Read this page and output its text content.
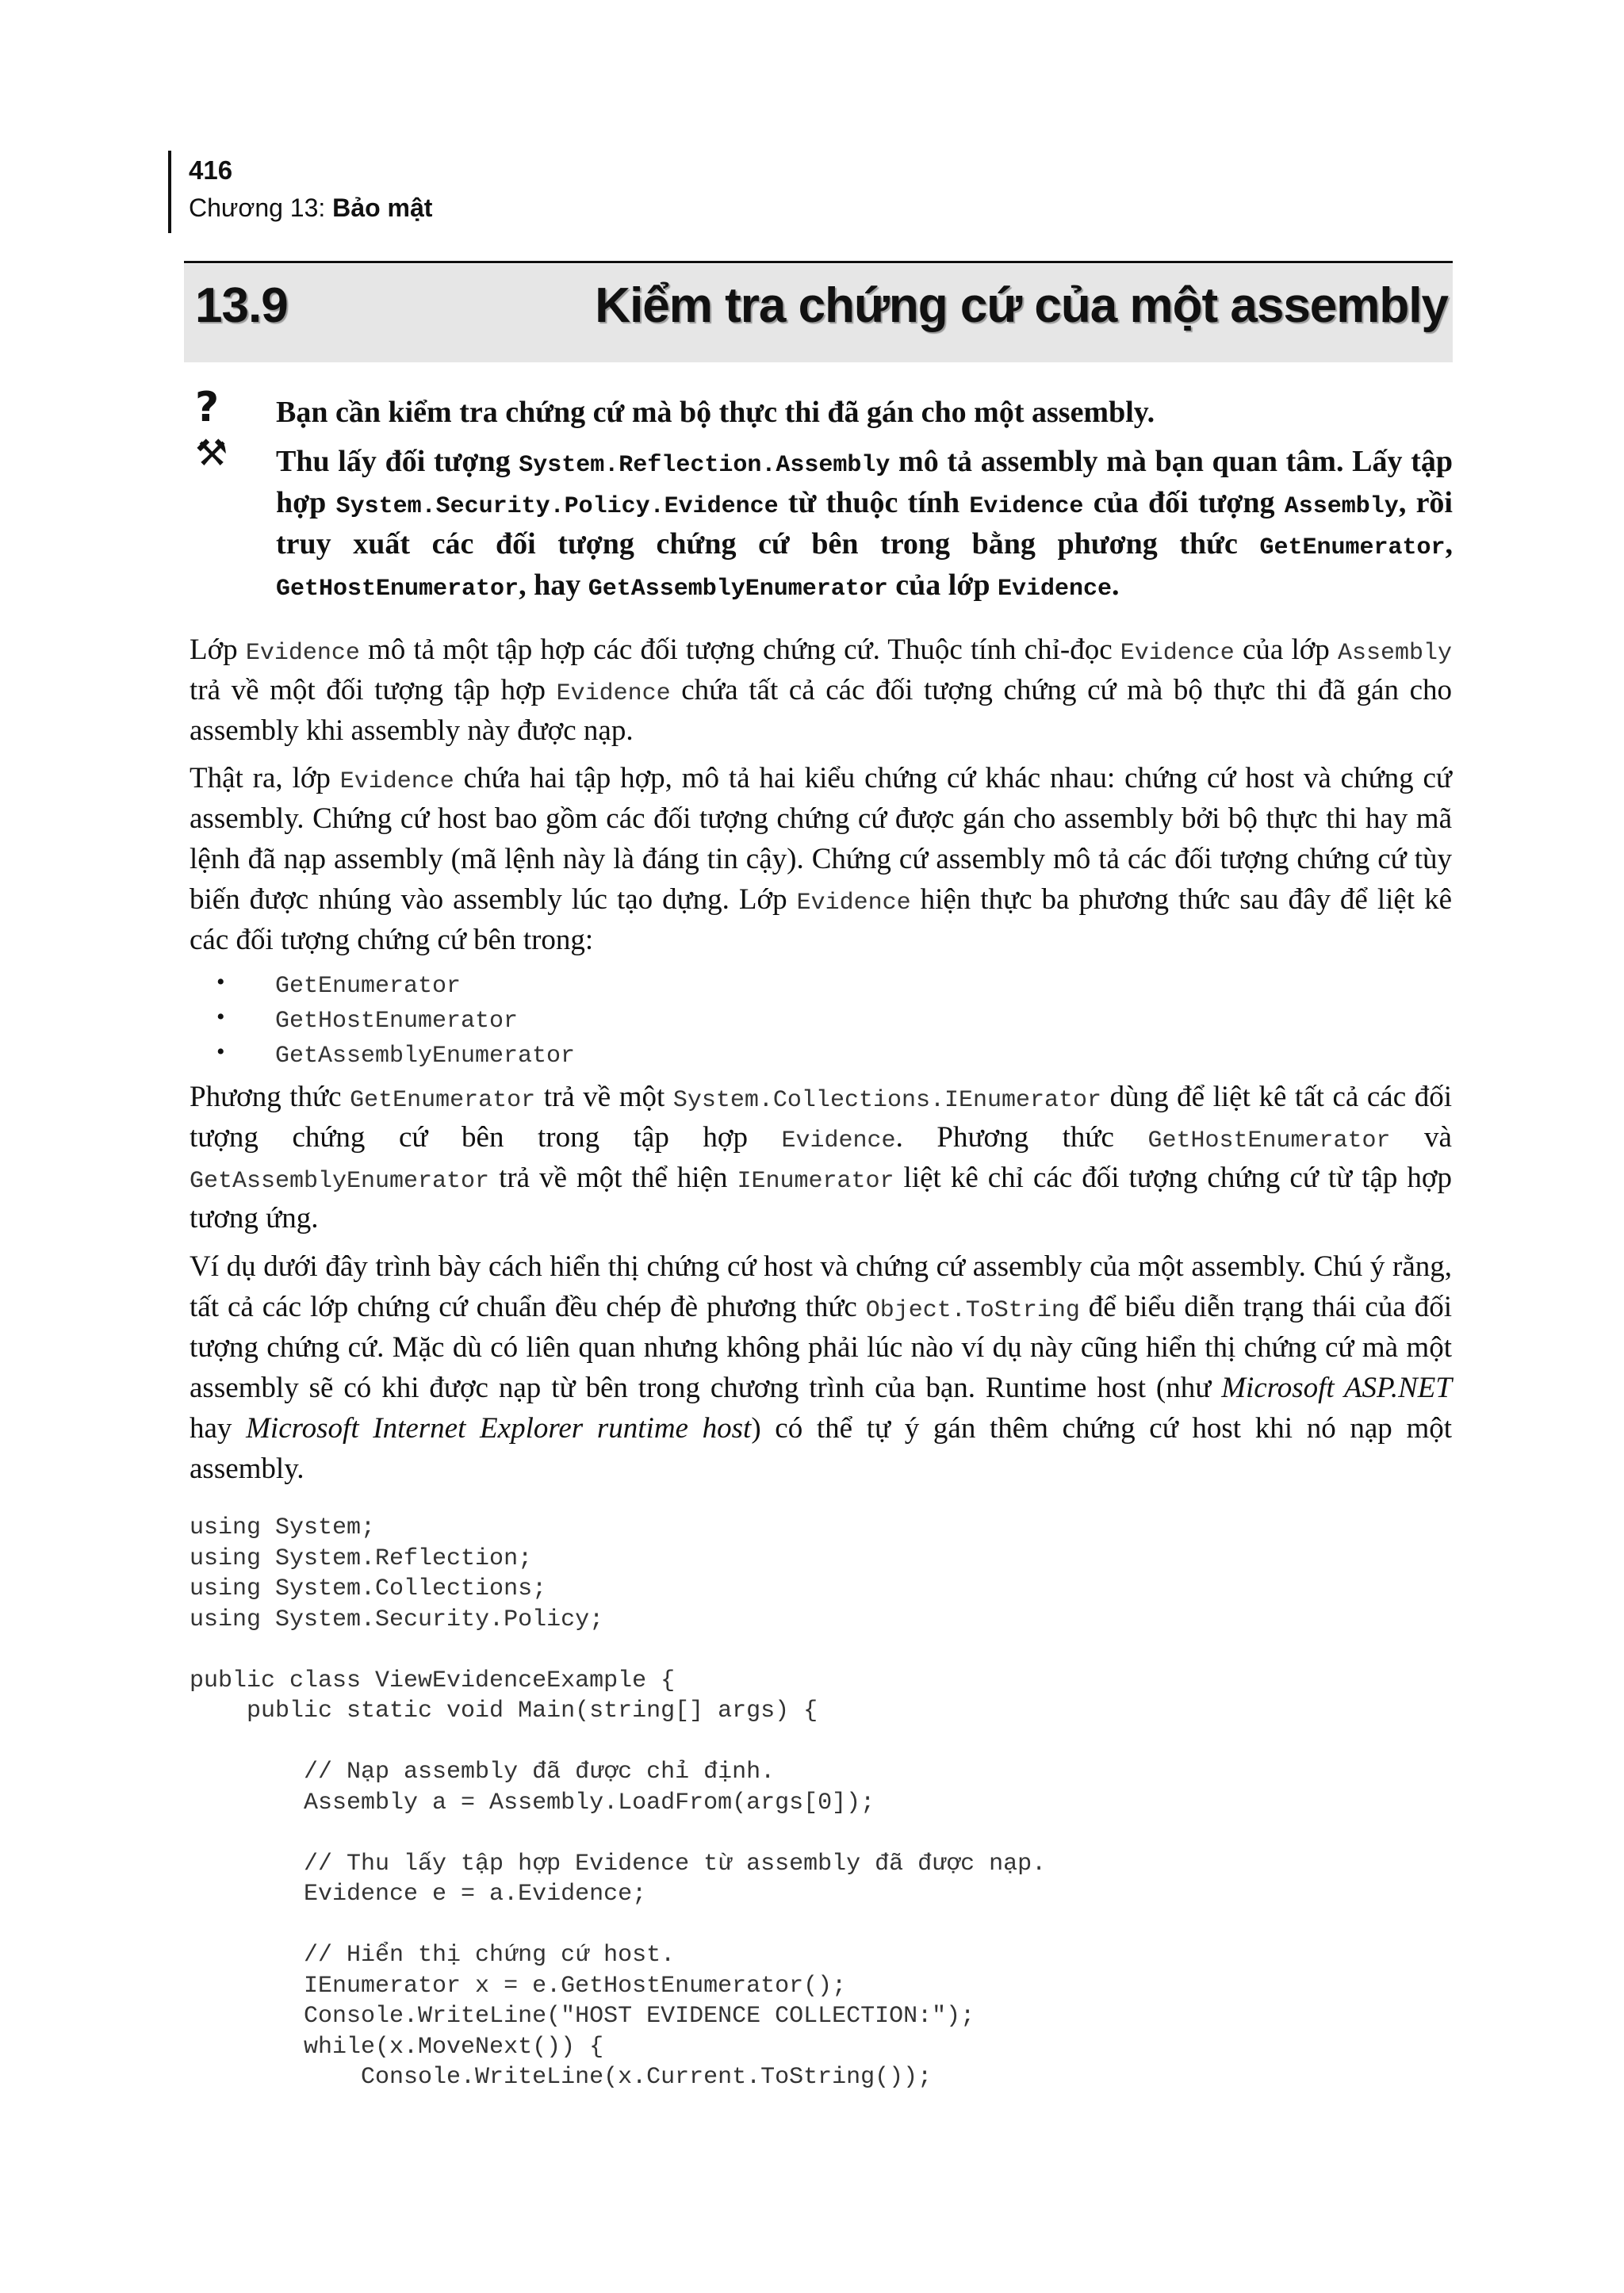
416
Chương 13: Bảo mật
13.9	Kiểm tra chứng cứ của một assembly
?
⚒
Bạn cần kiểm tra chứng cứ mà bộ thực thi đã gán cho một assembly.
Thu lấy đối tượng System.Reflection.Assembly mô tả assembly mà bạn quan tâm. Lấy tập hợp System.Security.Policy.Evidence từ thuộc tính Evidence của đối tượng Assembly, rồi truy xuất các đối tượng chứng cứ bên trong bằng phương thức GetEnumerator, GetHostEnumerator, hay GetAssemblyEnumerator của lớp Evidence.
Lớp Evidence mô tả một tập hợp các đối tượng chứng cứ. Thuộc tính chỉ-đọc Evidence của lớp Assembly trả về một đối tượng tập hợp Evidence chứa tất cả các đối tượng chứng cứ mà bộ thực thi đã gán cho assembly khi assembly này được nạp.
Thật ra, lớp Evidence chứa hai tập hợp, mô tả hai kiểu chứng cứ khác nhau: chứng cứ host và chứng cứ assembly. Chứng cứ host bao gồm các đối tượng chứng cứ được gán cho assembly bởi bộ thực thi hay mã lệnh đã nạp assembly (mã lệnh này là đáng tin cậy). Chứng cứ assembly mô tả các đối tượng chứng cứ tùy biến được nhúng vào assembly lúc tạo dựng. Lớp Evidence hiện thực ba phương thức sau đây để liệt kê các đối tượng chứng cứ bên trong:
• GetEnumerator
• GetHostEnumerator
• GetAssemblyEnumerator
Phương thức GetEnumerator trả về một System.Collections.IEnumerator dùng để liệt kê tất cả các đối tượng chứng cứ bên trong tập hợp Evidence. Phương thức GetHostEnumerator và GetAssemblyEnumerator trả về một thể hiện IEnumerator liệt kê chỉ các đối tượng chứng cứ từ tập hợp tương ứng.
Ví dụ dưới đây trình bày cách hiển thị chứng cứ host và chứng cứ assembly của một assembly. Chú ý rằng, tất cả các lớp chứng cứ chuẩn đều chép đè phương thức Object.ToString để biểu diễn trạng thái của đối tượng chứng cứ. Mặc dù có liên quan nhưng không phải lúc nào ví dụ này cũng hiển thị chứng cứ mà một assembly sẽ có khi được nạp từ bên trong chương trình của bạn. Runtime host (như Microsoft ASP.NET hay Microsoft Internet Explorer runtime host) có thể tự ý gán thêm chứng cứ host khi nó nạp một assembly.
using System;
using System.Reflection;
using System.Collections;
using System.Security.Policy;

public class ViewEvidenceExample {
public static void Main(string[] args) {

// Nạp assembly đã được chỉ định.
Assembly a = Assembly.LoadFrom(args[0]);

// Thu lấy tập hợp Evidence từ assembly đã được nạp.
Evidence e = a.Evidence;

// Hiển thị chứng cứ host.
IEnumerator x = e.GetHostEnumerator();
Console.WriteLine("HOST EVIDENCE COLLECTION:");
while(x.MoveNext()) {
Console.WriteLine(x.Current.ToString());
